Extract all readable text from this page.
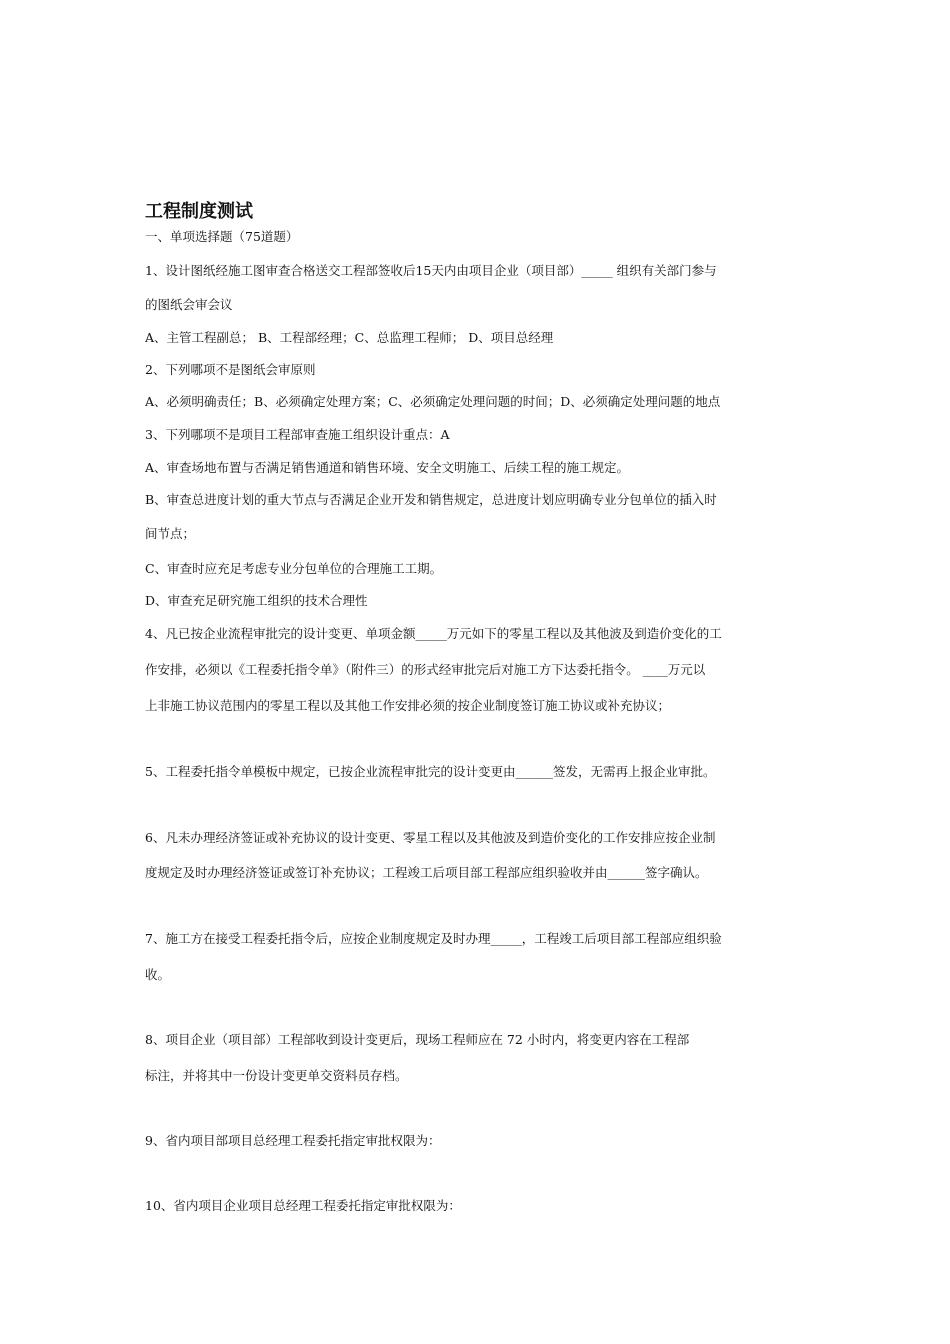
工程制度测试
一、单项选择题（75道题）
1、设计图纸经施工图审查合格送交工程部签收后15天内由项目企业（项目部）_____ 组织有关部门参与
的图纸会审会议
A、主管工程副总； B、工程部经理；C、总监理工程师； D、项目总经理
2、下列哪项不是图纸会审原则
A、必须明确责任；B、必须确定处理方案；C、必须确定处理问题的时间；D、必须确定处理问题的地点
3、下列哪项不是项目工程部审查施工组织设计重点：A
A、审查场地布置与否满足销售通道和销售环境、安全文明施工、后续工程的施工规定。
B、审查总进度计划的重大节点与否满足企业开发和销售规定，总进度计划应明确专业分包单位的插入时
间节点；
C、审查时应充足考虑专业分包单位的合理施工工期。
D、审查充足研究施工组织的技术合理性
4、凡已按企业流程审批完的设计变更、单项金额_____万元如下的零星工程以及其他波及到造价变化的工
作安排，必须以《工程委托指令单》（附件三）的形式经审批完后对施工方下达委托指令。 ____万元以
上非施工协议范围内的零星工程以及其他工作安排必须的按企业制度签订施工协议或补充协议；
5、工程委托指令单模板中规定，已按企业流程审批完的设计变更由______签发，无需再上报企业审批。
6、凡未办理经济签证或补充协议的设计变更、零星工程以及其他波及到造价变化的工作安排应按企业制
度规定及时办理经济签证或签订补充协议；工程竣工后项目部工程部应组织验收并由______签字确认。
7、施工方在接受工程委托指令后，应按企业制度规定及时办理_____，工程竣工后项目部工程部应组织验
收。
8、项目企业（项目部）工程部收到设计变更后，现场工程师应在 72 小时内，将变更内容在工程部
标注，并将其中一份设计变更单交资料员存档。
9、省内项目部项目总经理工程委托指定审批权限为：
10、省内项目企业项目总经理工程委托指定审批权限为：
